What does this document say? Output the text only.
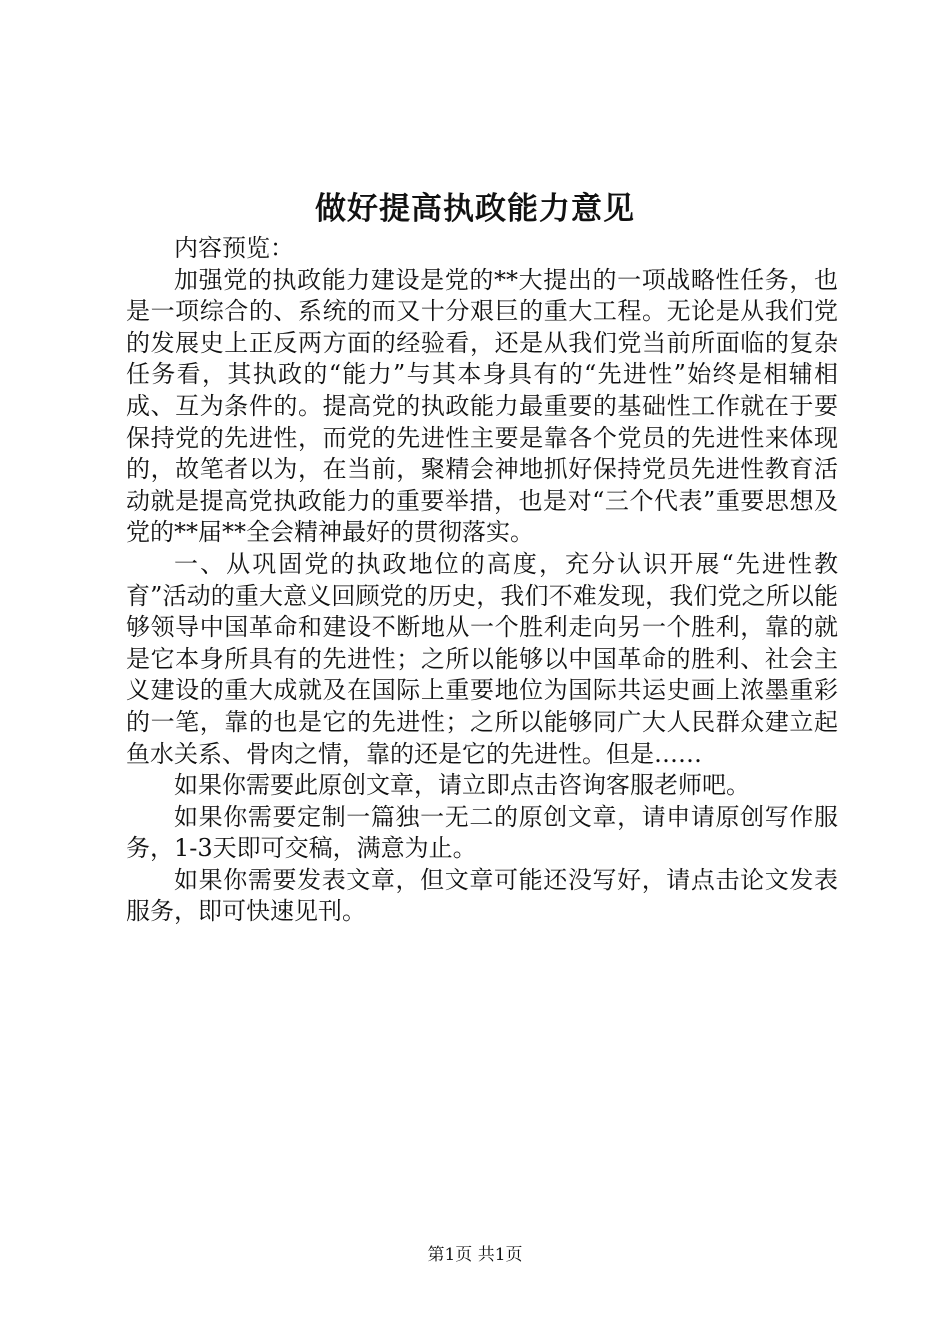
做好提高执政能力意见

内容预览：

加强党的执政能力建设是党的**大提出的一项战略性任务，也是一项综合的、系统的而又十分艰巨的重大工程。无论是从我们党的发展史上正反两方面的经验看，还是从我们党当前所面临的复杂任务看，其执政的“能力”与其本身具有的“先进性”始终是相辅相成、互为条件的。提高党的执政能力最重要的基础性工作就在于要保持党的先进性，而党的先进性主要是靠各个党员的先进性来体现的，故笔者以为，在当前，聚精会神地抓好保持党员先进性教育活动就是提高党执政能力的重要举措，也是对“三个代表”重要思想及党的**届**全会精神最好的贯彻落实。

一、从巩固党的执政地位的高度，充分认识开展“先进性教育”活动的重大意义回顾党的历史，我们不难发现，我们党之所以能够领导中国革命和建设不断地从一个胜利走向另一个胜利，靠的就是它本身所具有的先进性；之所以能够以中国革命的胜利、社会主义建设的重大成就及在国际上重要地位为国际共运史画上浓墨重彩的一笔，靠的也是它的先进性；之所以能够同广大人民群众建立起鱼水关系、骨肉之情，靠的还是它的先进性。但是……

如果你需要此原创文章，请立即点击咨询客服老师吧。

如果你需要定制一篇独一无二的原创文章，请申请原创写作服务，1-3天即可交稿，满意为止。

如果你需要发表文章，但文章可能还没写好，请点击论文发表服务，即可快速见刊。

第1页 共1页
